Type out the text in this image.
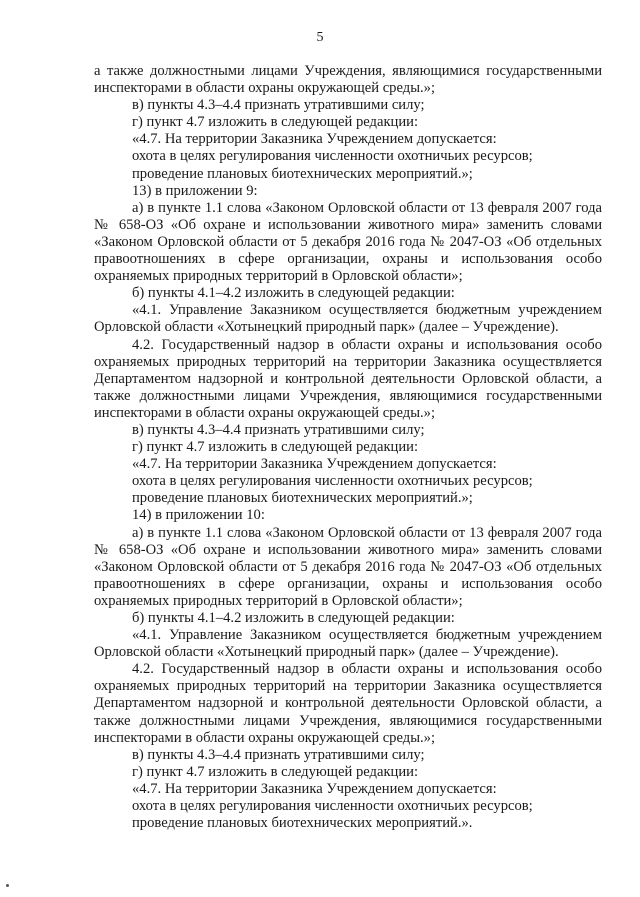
5

а также должностными лицами Учреждения, являющимися государственными инспекторами в области охраны окружающей среды.»;

в) пункты 4.3–4.4 признать утратившими силу;

г) пункт 4.7 изложить в следующей редакции:

«4.7. На территории Заказника Учреждением допускается:

охота в целях регулирования численности охотничьих ресурсов;

проведение плановых биотехнических мероприятий.»;

13) в приложении 9:

а) в пункте 1.1 слова «Законом Орловской области от 13 февраля 2007 года № 658-ОЗ «Об охране и использовании животного мира» заменить словами «Законом Орловской области от 5 декабря 2016 года № 2047-ОЗ «Об отдельных правоотношениях в сфере организации, охраны и использования особо охраняемых природных территорий в Орловской области»;

б) пункты 4.1–4.2 изложить в следующей редакции:

«4.1. Управление Заказником осуществляется бюджетным учреждением Орловской области «Хотынецкий природный парк» (далее – Учреждение).

4.2. Государственный надзор в области охраны и использования особо охраняемых природных территорий на территории Заказника осуществляется Департаментом надзорной и контрольной деятельности Орловской области, а также должностными лицами Учреждения, являющимися государственными инспекторами в области охраны окружающей среды.»;

в) пункты 4.3–4.4 признать утратившими силу;

г) пункт 4.7 изложить в следующей редакции:

«4.7. На территории Заказника Учреждением допускается:

охота в целях регулирования численности охотничьих ресурсов;

проведение плановых биотехнических мероприятий.»;

14) в приложении 10:

а) в пункте 1.1 слова «Законом Орловской области от 13 февраля 2007 года № 658-ОЗ «Об охране и использовании животного мира» заменить словами «Законом Орловской области от 5 декабря 2016 года № 2047-ОЗ «Об отдельных правоотношениях в сфере организации, охраны и использования особо охраняемых природных территорий в Орловской области»;

б) пункты 4.1–4.2 изложить в следующей редакции:

«4.1. Управление Заказником осуществляется бюджетным учреждением Орловской области «Хотынецкий природный парк» (далее – Учреждение).

4.2. Государственный надзор в области охраны и использования особо охраняемых природных территорий на территории Заказника осуществляется Департаментом надзорной и контрольной деятельности Орловской области, а также должностными лицами Учреждения, являющимися государственными инспекторами в области охраны окружающей среды.»;

в) пункты 4.3–4.4 признать утратившими силу;

г) пункт 4.7 изложить в следующей редакции:

«4.7. На территории Заказника Учреждением допускается:

охота в целях регулирования численности охотничьих ресурсов;

проведение плановых биотехнических мероприятий.».
